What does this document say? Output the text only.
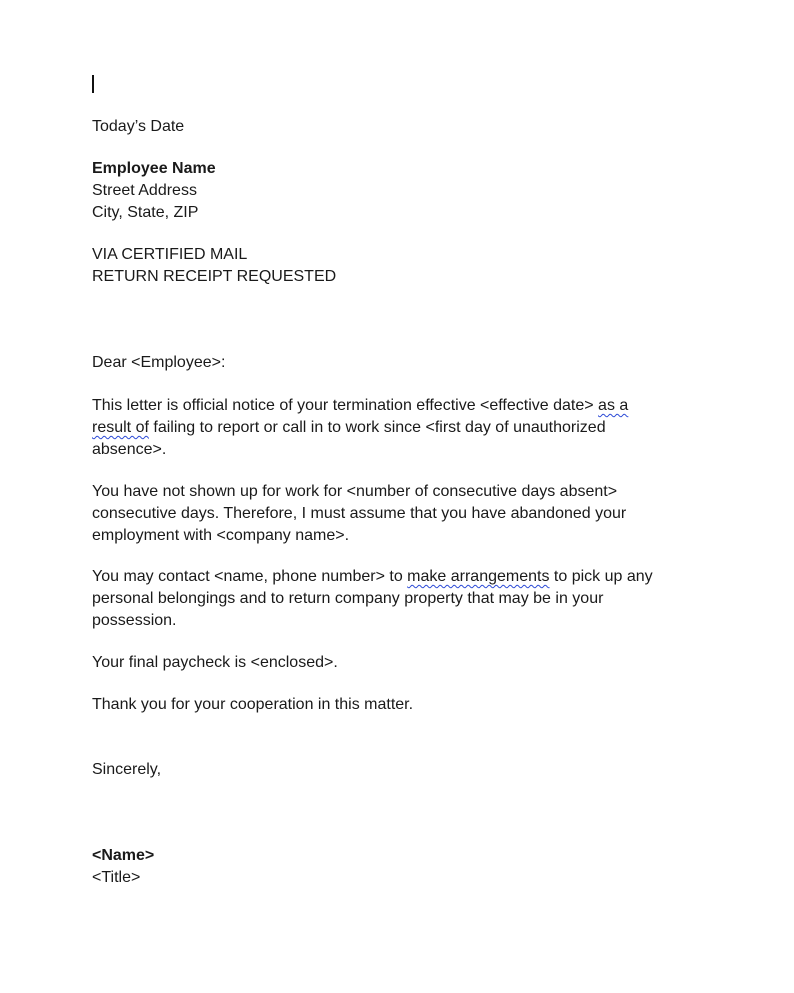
Today’s Date
Employee Name
Street Address
City, State, ZIP
VIA CERTIFIED MAIL
RETURN RECEIPT REQUESTED
Dear <Employee>:
This letter is official notice of your termination effective <effective date> as a
result of failing to report or call in to work since <first day of unauthorized
absence>.
You have not shown up for work for <number of consecutive days absent>
consecutive days. Therefore, I must assume that you have abandoned your
employment with <company name>.
You may contact <name, phone number> to make arrangements to pick up any
personal belongings and to return company property that may be in your
possession.
Your final paycheck is <enclosed>.
Thank you for your cooperation in this matter.
Sincerely,
<Name>
<Title>
